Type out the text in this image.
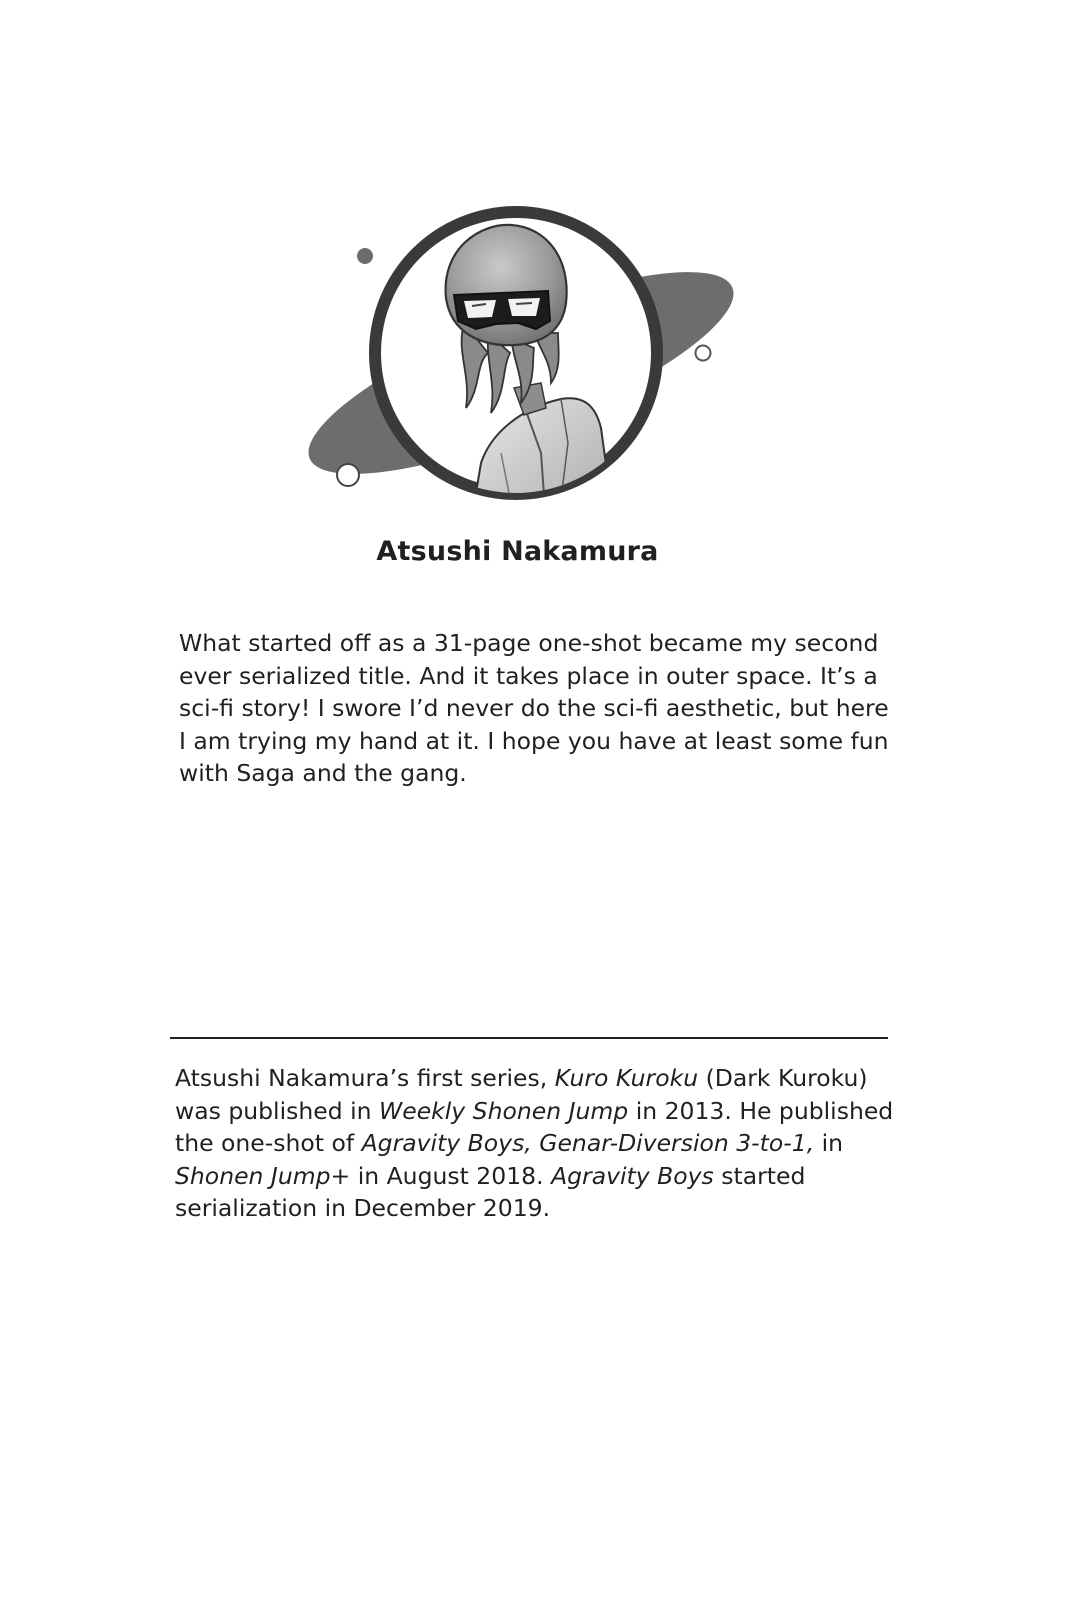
Atsushi Nakamura
What started off as a 31-page one-shot became my second
ever serialized title. And it takes place in outer space. It’s a
sci-fi story! I swore I’d never do the sci-fi aesthetic, but here
I am trying my hand at it. I hope you have at least some fun
with Saga and the gang.
Atsushi Nakamura’s first series, Kuro Kuroku (Dark Kuroku)
was published in Weekly Shonen Jump in 2013. He published
the one-shot of Agravity Boys, Genar-Diversion 3-to-1, in
Shonen Jump+ in August 2018. Agravity Boys started
serialization in December 2019.
